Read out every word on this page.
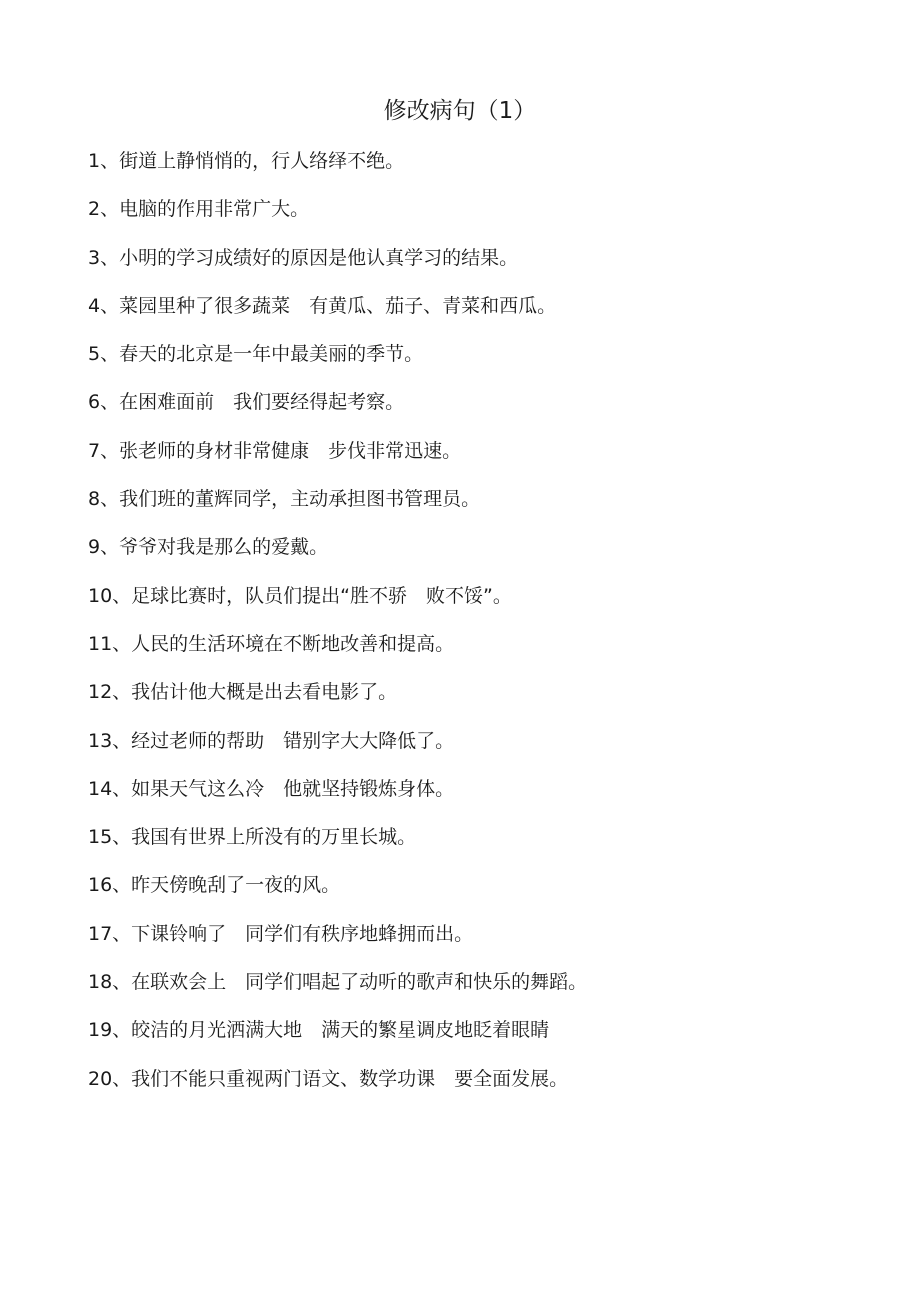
修改病句（1）
1、街道上静悄悄的，行人络绎不绝。
2、电脑的作用非常广大。
3、小明的学习成绩好的原因是他认真学习的结果。
4、菜园里种了很多蔬菜　有黄瓜、茄子、青菜和西瓜。
5、春天的北京是一年中最美丽的季节。
6、在困难面前　我们要经得起考察。
7、张老师的身材非常健康　步伐非常迅速。
8、我们班的董辉同学，主动承担图书管理员。
9、爷爷对我是那么的爱戴。
10、足球比赛时，队员们提出“胜不骄　败不馁”。
11、人民的生活环境在不断地改善和提高。
12、我估计他大概是出去看电影了。
13、经过老师的帮助　错别字大大降低了。
14、如果天气这么冷　他就坚持锻炼身体。
15、我国有世界上所没有的万里长城。
16、昨天傍晚刮了一夜的风。
17、下课铃响了　同学们有秩序地蜂拥而出。
18、在联欢会上　同学们唱起了动听的歌声和快乐的舞蹈。
19、皎洁的月光洒满大地　满天的繁星调皮地眨着眼睛
20、我们不能只重视两门语文、数学功课　要全面发展。
